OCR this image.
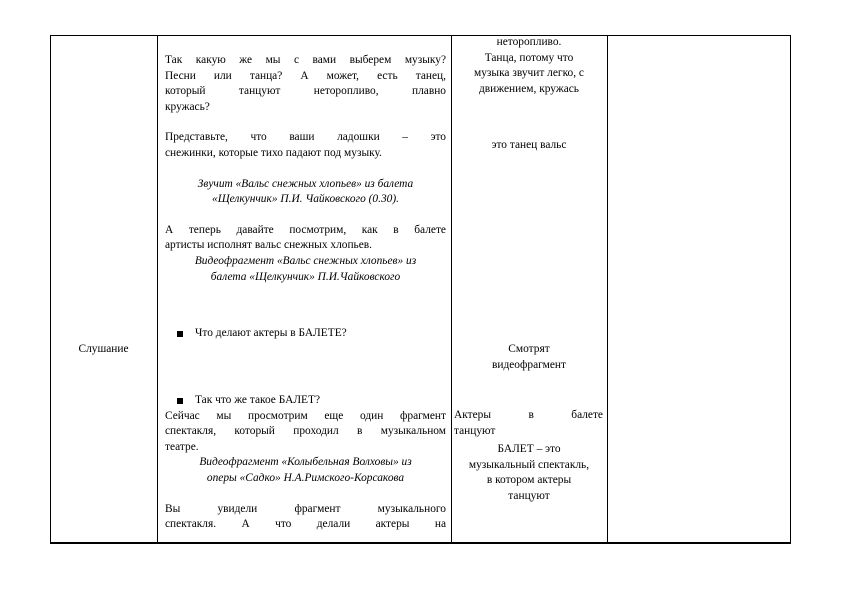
Слушание
Так какую же мы с вами выберем музыку?
Песни или танца? А может, есть танец,
который танцуют неторопливо, плавно
кружась?
Представьте, что ваши ладошки – это
снежинки, которые тихо падают под музыку.
Звучит «Вальс снежных хлопьев» из балета
«Щелкунчик» П.И. Чайковского (0.30).
А теперь давайте посмотрим, как в балете
артисты исполнят вальс снежных хлопьев.
Видеофрагмент «Вальс снежных хлопьев» из
балета «Щелкунчик» П.И.Чайковского
Что делают актеры в БАЛЕТЕ?
Так что же такое БАЛЕТ?
Сейчас мы просмотрим еще один фрагмент
спектакля, который проходил в музыкальном
театре.
Видеофрагмент «Колыбельная Волховы» из
оперы «Садко» Н.А.Римского-Корсакова
Вы увидели фрагмент музыкального
спектакля. А что делали актеры на
неторопливо.
Танца, потому что
музыка звучит легко, с
движением, кружась
это танец вальс
Смотрят
видеофрагмент
Актеры в балете
танцуют
БАЛЕТ – это
музыкальный спектакль,
в котором актеры
танцуют
